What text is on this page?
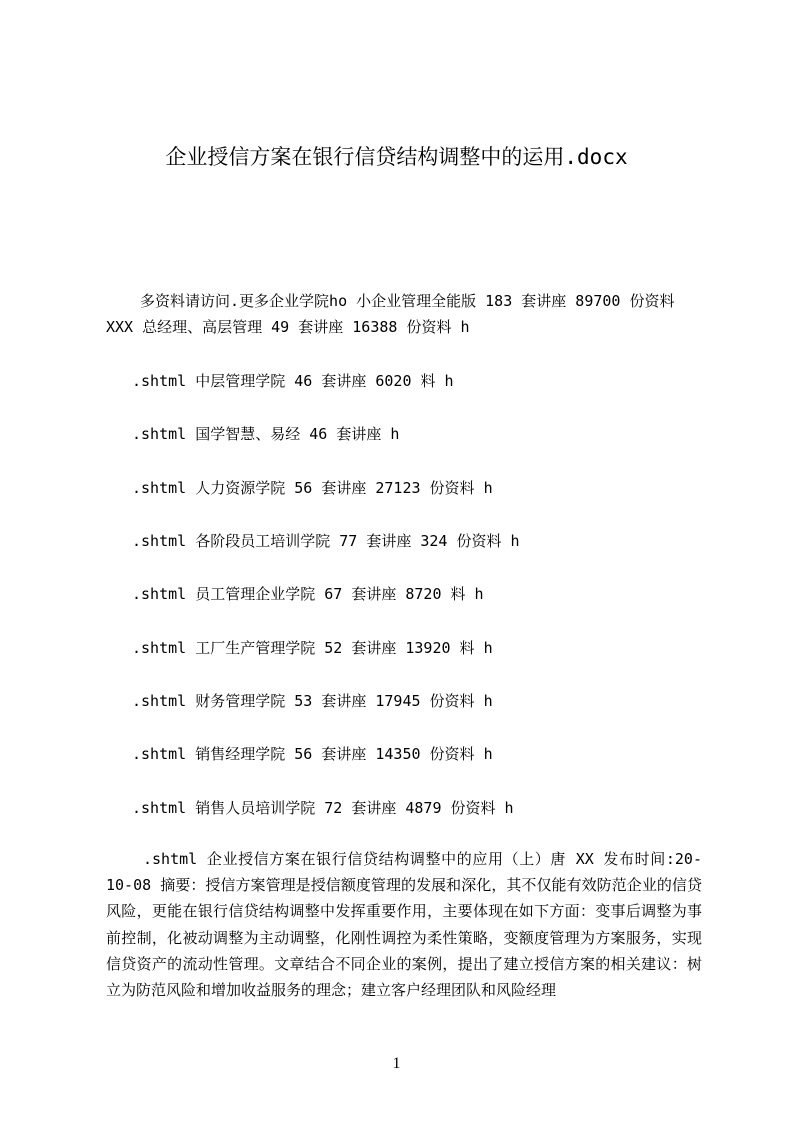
企业授信方案在银行信贷结构调整中的运用.docx
多资料请访问.更多企业学院ho 小企业管理全能版 183 套讲座 89700 份资料 XXX 总经理、高层管理 49 套讲座 16388 份资料 h
.shtml 中层管理学院 46 套讲座 6020 料 h
.shtml 国学智慧、易经 46 套讲座 h
.shtml 人力资源学院 56 套讲座 27123 份资料 h
.shtml 各阶段员工培训学院 77 套讲座 324 份资料 h
.shtml 员工管理企业学院 67 套讲座 8720 料 h
.shtml 工厂生产管理学院 52 套讲座 13920 料 h
.shtml 财务管理学院 53 套讲座 17945 份资料 h
.shtml 销售经理学院 56 套讲座 14350 份资料 h
.shtml 销售人员培训学院 72 套讲座 4879 份资料 h
.shtml 企业授信方案在银行信贷结构调整中的应用（上）唐 XX 发布时间:20-10-08 摘要：授信方案管理是授信额度管理的发展和深化，其不仅能有效防范企业的信贷风险，更能在银行信贷结构调整中发挥重要作用，主要体现在如下方面：变事后调整为事前控制，化被动调整为主动调整，化刚性调控为柔性策略，变额度管理为方案服务，实现信贷资产的流动性管理。文章结合不同企业的案例，提出了建立授信方案的相关建议：树立为防范风险和增加收益服务的理念；建立客户经理团队和风险经理
1
